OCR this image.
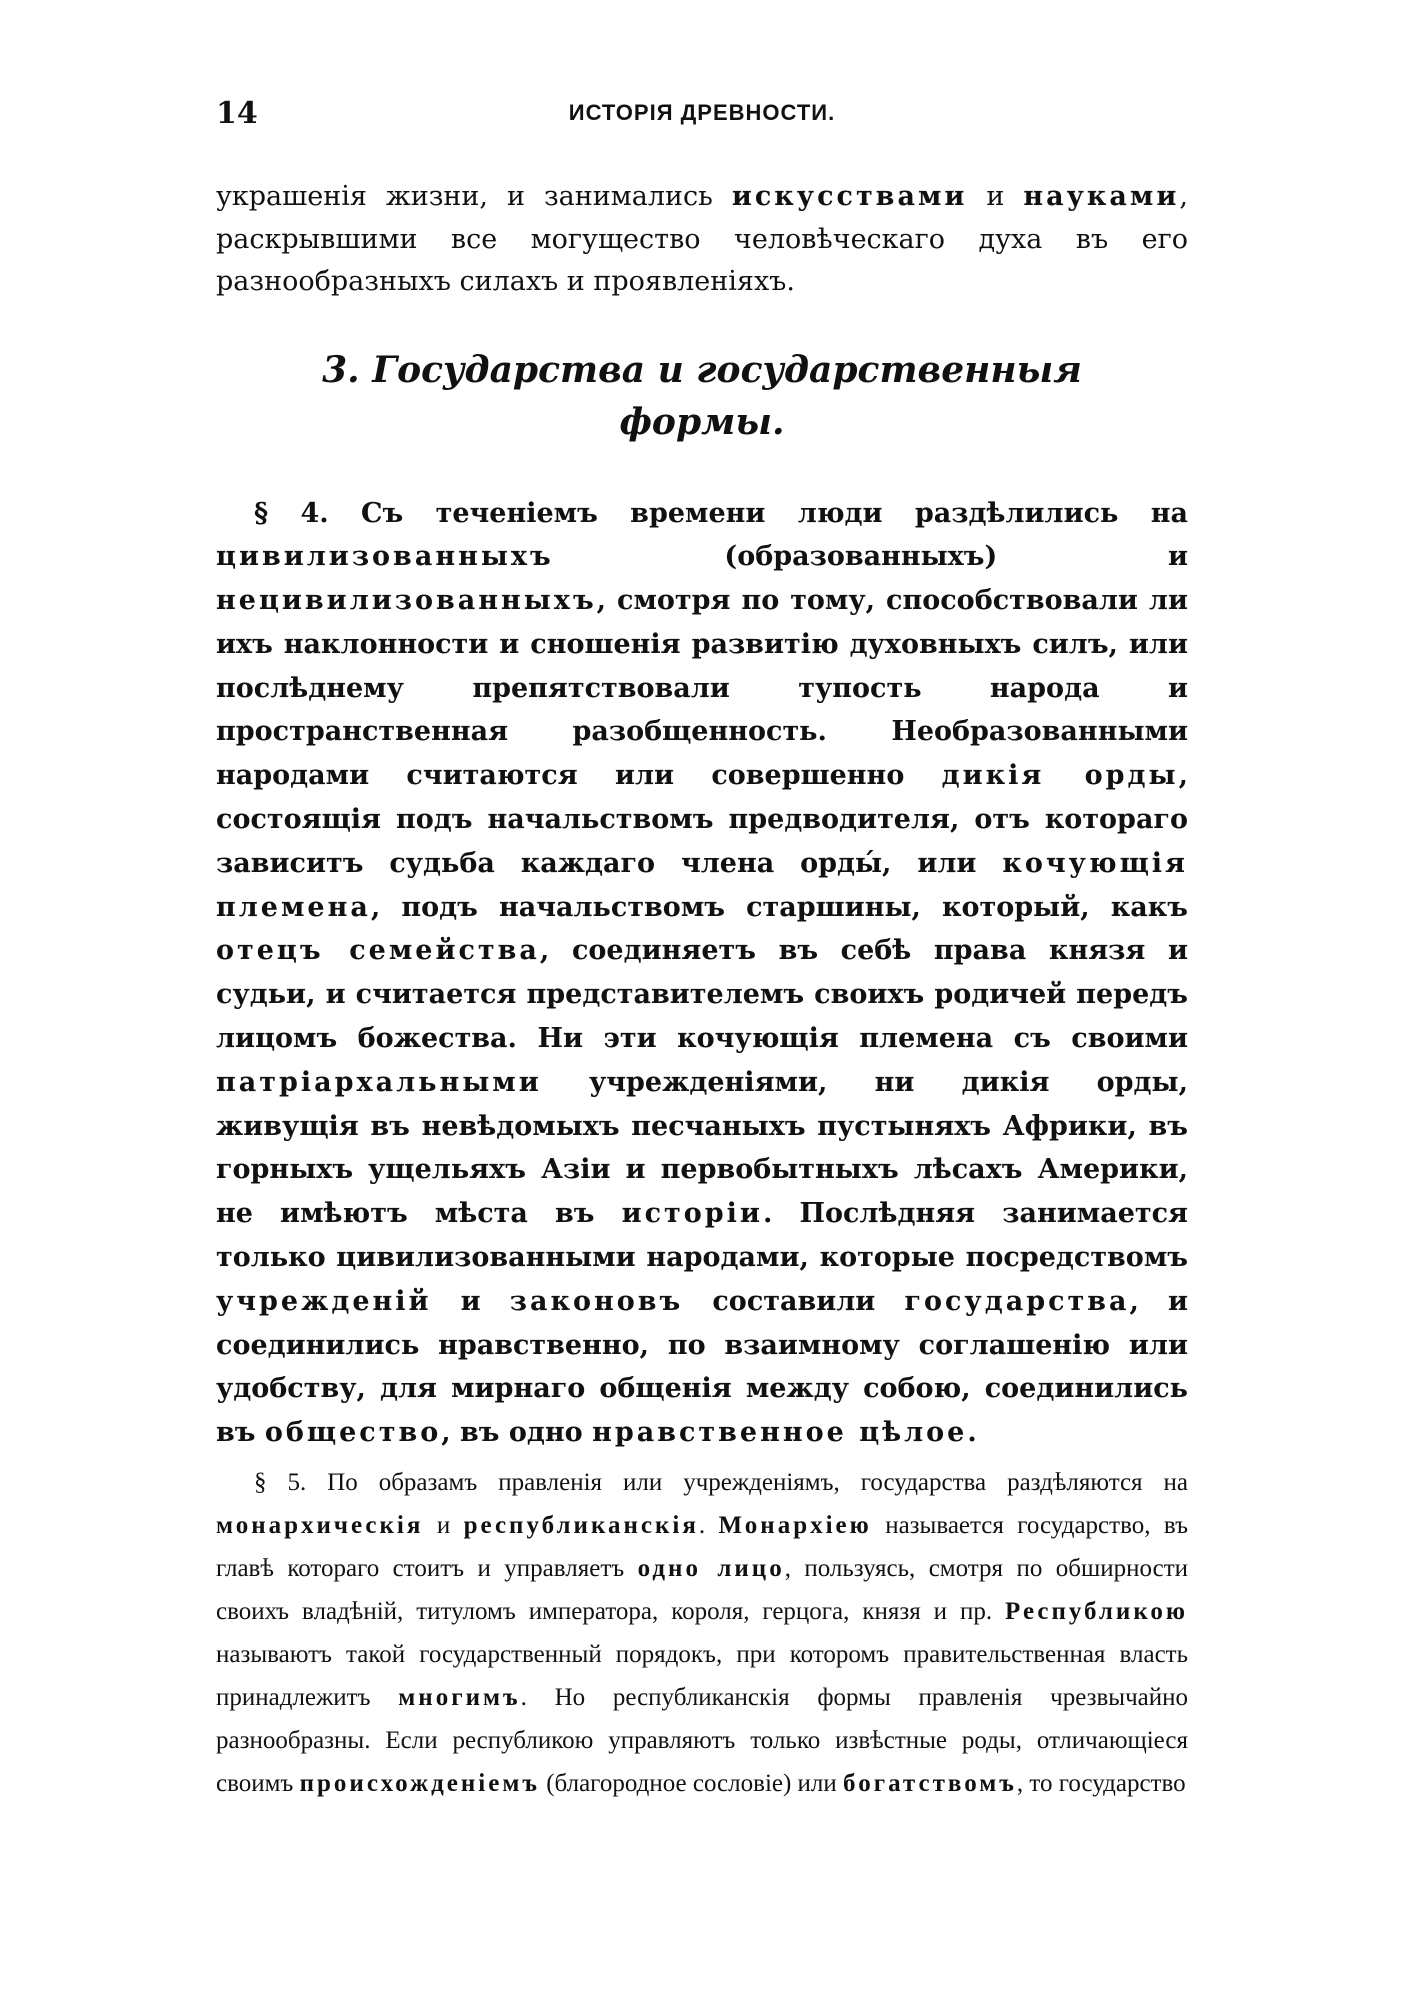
14	ИСТОРІЯ ДРЕВНОСТИ.

украшенія жизни, и занимались искусствами и науками, раскрывшими все могущество человѣческаго духа въ его разнообразныхъ силахъ и проявленіяхъ.

3. Государства и государственныя формы.

§ 4. Съ теченіемъ времени люди раздѣлились на цивилизованныхъ (образованныхъ) и нецивилизованныхъ, смотря по тому, способствовали ли ихъ наклонности и сношенія развитію духовныхъ силъ, или послѣднему препятствовали тупость народа и пространственная разобщенность. Необразованными народами считаются или совершенно дикія орды, состоящія подъ начальствомъ предводителя, отъ котораго зависитъ судьба каждаго члена орды́, или кочующія племена, подъ начальствомъ старшины, который, какъ отецъ семейства, соединяетъ въ себѣ права князя и судьи, и считается представителемъ своихъ родичей передъ лицомъ божества. Ни эти кочующія племена съ своими патріархальными учрежденіями, ни дикія орды, живущія въ невѣдомыхъ песчаныхъ пустыняхъ Африки, въ горныхъ ущельяхъ Азіи и первобытныхъ лѣсахъ Америки, не имѣютъ мѣста въ исторіи. Послѣдняя занимается только цивилизованными народами, которые посредствомъ учрежденій и законовъ составили государства, и соединились нравственно, по взаимному соглашенію или удобству, для мирнаго общенія между собою, соединились въ общество, въ одно нравственное цѣлое.

§ 5. По образамъ правленія или учрежденіямъ, государства раздѣляются на монархическія и республиканскія. Монархіею называется государство, въ главѣ котораго стоитъ и управляетъ одно лицо, пользуясь, смотря по обширности своихъ владѣній, титуломъ императора, короля, герцога, князя и пр. Республикою называютъ такой государственный порядокъ, при которомъ правительственная власть принадлежитъ многимъ. Но республиканскія формы правленія чрезвычайно разнообразны. Если республикою управляютъ только извѣстные роды, отличающіеся своимъ происхожденіемъ (благородное сословіе) или богатствомъ, то государство
